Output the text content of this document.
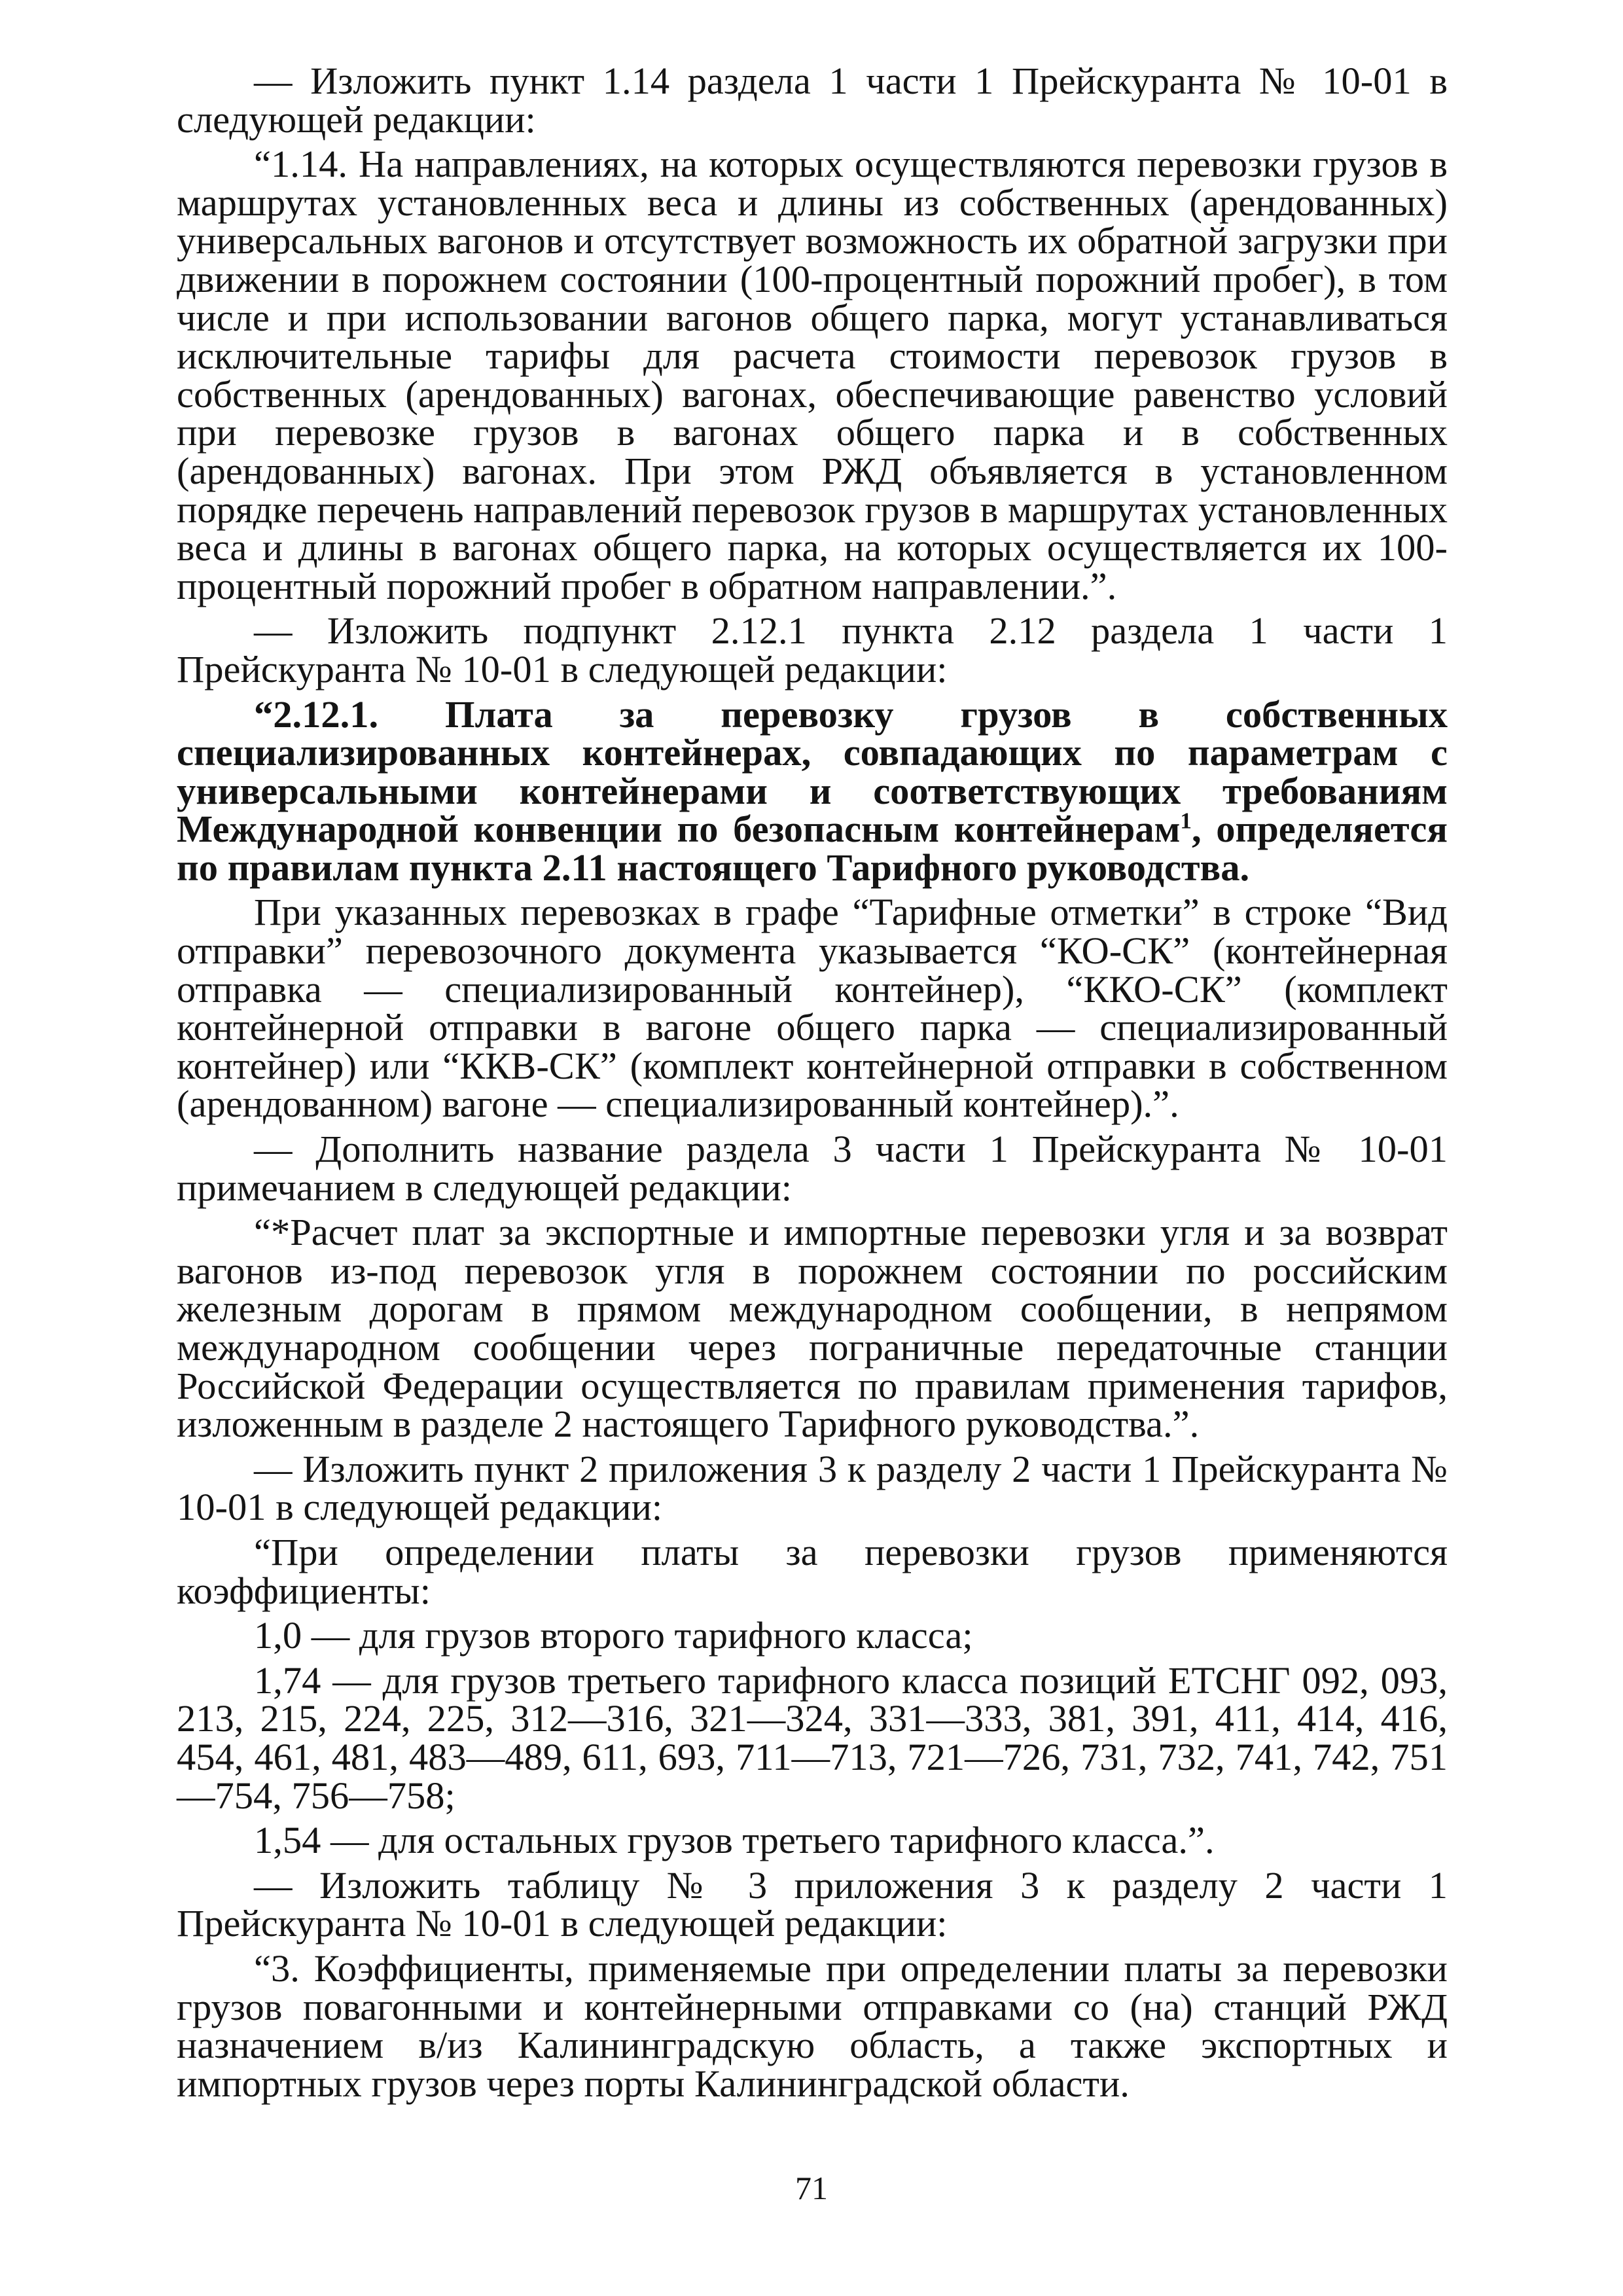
— Изложить пункт 1.14 раздела 1 части 1 Прейскуранта № 10-01 в следующей редакции:

“1.14. На направлениях, на которых осуществляются перевозки грузов в маршрутах установленных веса и длины из собственных (арендованных) универсальных вагонов и отсутствует возможность их обратной загрузки при движении в порожнем состоянии (100-процентный порожний пробег), в том числе и при использовании вагонов общего парка, могут устанавливаться исключительные тарифы для расчета стоимости перевозок грузов в собственных (арендованных) вагонах, обеспечивающие равенство условий при перевозке грузов в вагонах общего парка и в собственных (арендованных) вагонах. При этом РЖД объявляется в установленном порядке перечень направлений перевозок грузов в маршрутах установленных веса и длины в вагонах общего парка, на которых осуществляется их 100-процентный порожний пробег в обратном направлении.”.

— Изложить подпункт 2.12.1 пункта 2.12 раздела 1 части 1 Прейскуранта № 10-01 в следующей редакции:

“2.12.1. Плата за перевозку грузов в собственных специализированных контейнерах, совпадающих по параметрам с универсальными контейнерами и соответствующих требованиям Международной конвенции по безопасным контейнерам$^1$, определяется по правилам пункта 2.11 настоящего Тарифного руководства.

При указанных перевозках в графе “Тарифные отметки” в строке “Вид отправки” перевозочного документа указывается “КО-СК” (контейнерная отправка — специализированный контейнер), “ККО-СК” (комплект контейнерной отправки в вагоне общего парка — специализированный контейнер) или “ККВ-СК” (комплект контейнерной отправки в собственном (арендованном) вагоне — специализированный контейнер).”.

— Дополнить название раздела 3 части 1 Прейскуранта № 10-01 примечанием в следующей редакции:

“*Расчет плат за экспортные и импортные перевозки угля и за возврат вагонов из-под перевозок угля в порожнем состоянии по российским железным дорогам в прямом международном сообщении, в непрямом международном сообщении через пограничные передаточные станции Российской Федерации осуществляется по правилам применения тарифов, изложенным в разделе 2 настоящего Тарифного руководства.”.

— Изложить пункт 2 приложения 3 к разделу 2 части 1 Прейскуранта № 10-01 в следующей редакции:

“При определении платы за перевозки грузов применяются коэффициенты:

1,0 — для грузов второго тарифного класса;

1,74 — для грузов третьего тарифного класса позиций ЕТСНГ 092, 093, 213, 215, 224, 225, 312—316, 321—324, 331—333, 381, 391, 411, 414, 416, 454, 461, 481, 483—489, 611, 693, 711—713, 721—726, 731, 732, 741, 742, 751—754, 756—758;

1,54 — для остальных грузов третьего тарифного класса.”.

— Изложить таблицу № 3 приложения 3 к разделу 2 части 1 Прейскуранта № 10-01 в следующей редакции:

“3. Коэффициенты, применяемые при определении платы за перевозки грузов повагонными и контейнерными отправками со (на) станций РЖД назначением в/из Калининградскую область, а также экспортных и импортных грузов через порты Калининградской области.

71
